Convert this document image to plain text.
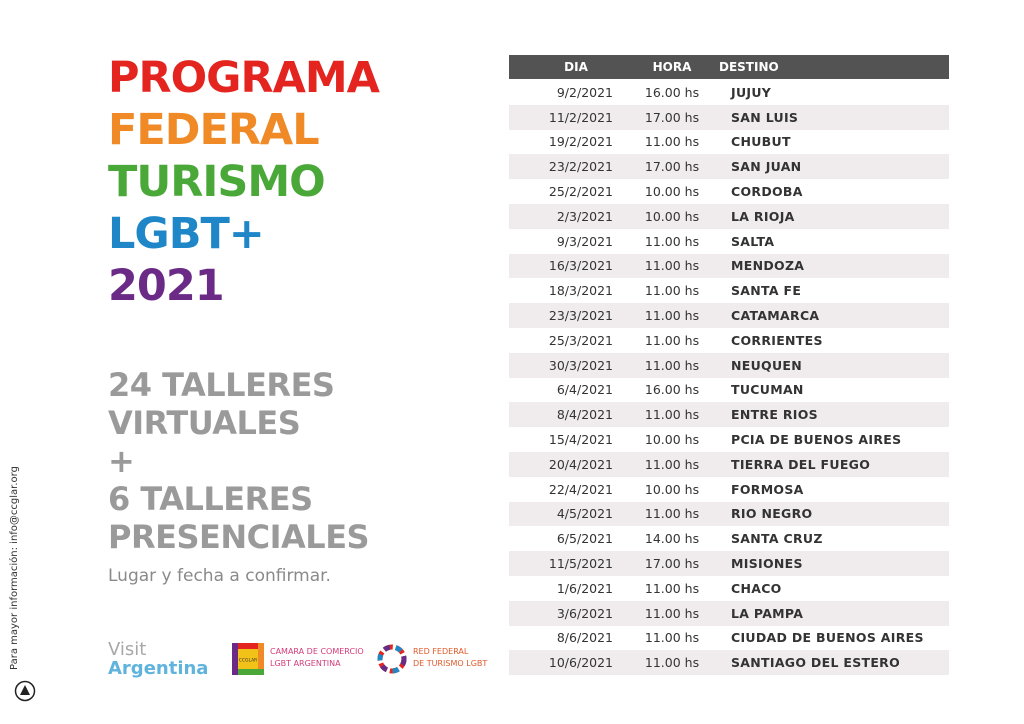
PROGRAMA
FEDERAL
TURISMO
LGBT+
2021
24 TALLERES
VIRTUALES
+
6 TALLERES
PRESENCIALES
Lugar y fecha a confirmar.
Visit
Argentina	CCGLAR
CAMARA DE COMERCIO
LGBT ARGENTINA
RED FEDERAL
DE TURISMO LGBT
Para mayor información: info@ccglar.org
DIA	HORA	DESTINO
9/2/2021	16.00 hs	JUJUY
11/2/2021	17.00 hs	SAN LUIS
19/2/2021	11.00 hs	CHUBUT
23/2/2021	17.00 hs	SAN JUAN
25/2/2021	10.00 hs	CORDOBA
2/3/2021	10.00 hs	LA RIOJA
9/3/2021	11.00 hs	SALTA
16/3/2021	11.00 hs	MENDOZA
18/3/2021	11.00 hs	SANTA FE
23/3/2021	11.00 hs	CATAMARCA
25/3/2021	11.00 hs	CORRIENTES
30/3/2021	11.00 hs	NEUQUEN
6/4/2021	16.00 hs	TUCUMAN
8/4/2021	11.00 hs	ENTRE RIOS
15/4/2021	10.00 hs	PCIA DE BUENOS AIRES
20/4/2021	11.00 hs	TIERRA DEL FUEGO
22/4/2021	10.00 hs	FORMOSA
4/5/2021	11.00 hs	RIO NEGRO
6/5/2021	14.00 hs	SANTA CRUZ
11/5/2021	17.00 hs	MISIONES
1/6/2021	11.00 hs	CHACO
3/6/2021	11.00 hs	LA PAMPA
8/6/2021	11.00 hs	CIUDAD DE BUENOS AIRES
10/6/2021	11.00 hs	SANTIAGO DEL ESTERO
